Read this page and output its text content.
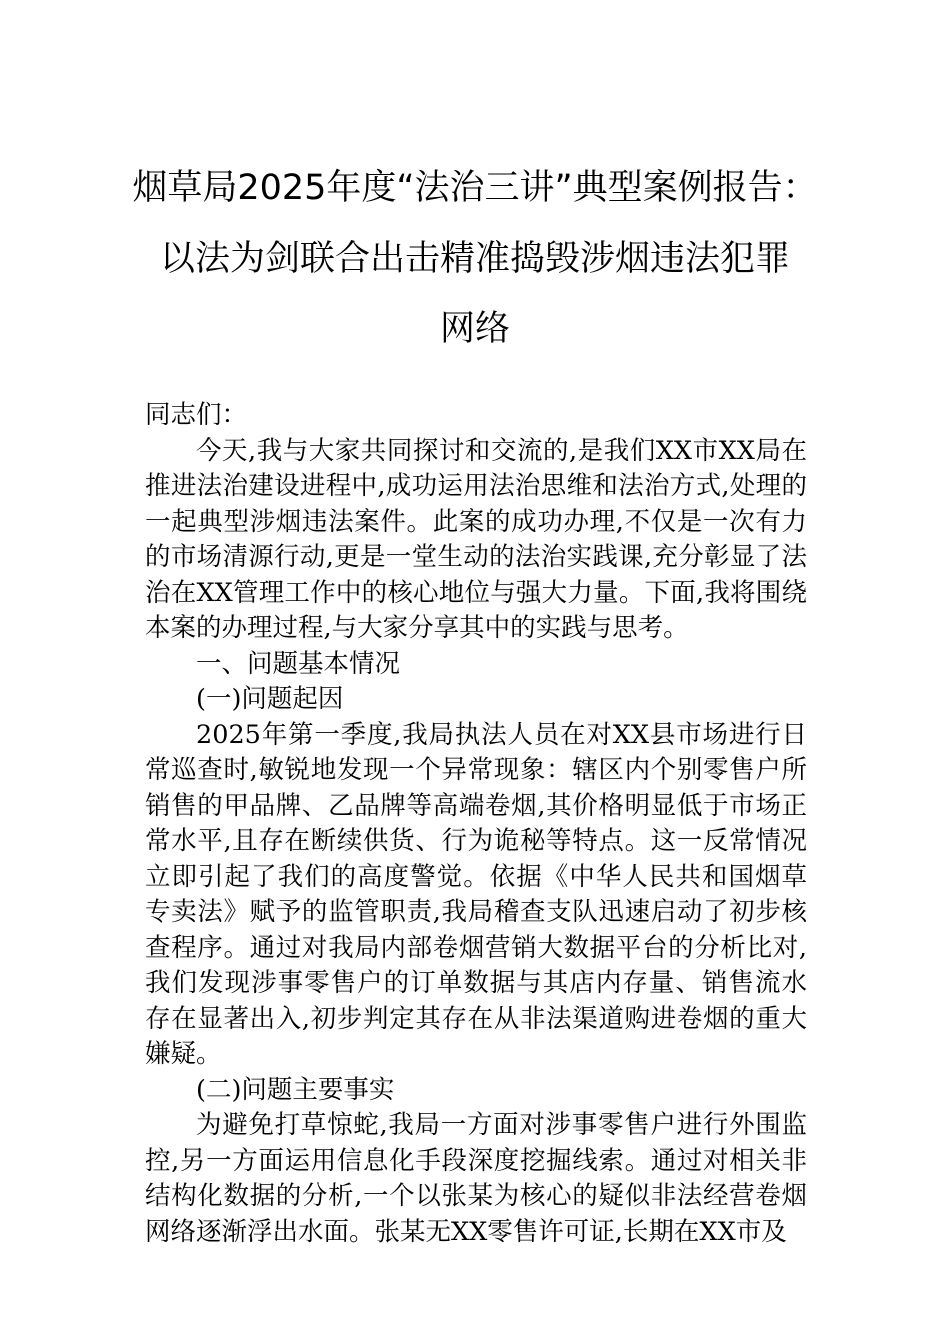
烟草局2025年度“法治三讲”典型案例报告：
以法为剑联合出击精准捣毁涉烟违法犯罪
网络

同志们：

今天,我与大家共同探讨和交流的,是我们XX市XX局在推进法治建设进程中,成功运用法治思维和法治方式,处理的一起典型涉烟违法案件。此案的成功办理,不仅是一次有力的市场清源行动,更是一堂生动的法治实践课,充分彰显了法治在XX管理工作中的核心地位与强大力量。下面,我将围绕本案的办理过程,与大家分享其中的实践与思考。

一、问题基本情况

(一)问题起因

2025年第一季度,我局执法人员在对XX县市场进行日常巡查时,敏锐地发现一个异常现象：辖区内个别零售户所销售的甲品牌、乙品牌等高端卷烟,其价格明显低于市场正常水平,且存在断续供货、行为诡秘等特点。这一反常情况立即引起了我们的高度警觉。依据《中华人民共和国烟草专卖法》赋予的监管职责,我局稽查支队迅速启动了初步核查程序。通过对我局内部卷烟营销大数据平台的分析比对,我们发现涉事零售户的订单数据与其店内存量、销售流水存在显著出入,初步判定其存在从非法渠道购进卷烟的重大嫌疑。

(二)问题主要事实

为避免打草惊蛇,我局一方面对涉事零售户进行外围监控,另一方面运用信息化手段深度挖掘线索。通过对相关非结构化数据的分析,一个以张某为核心的疑似非法经营卷烟网络逐渐浮出水面。张某无XX零售许可证,长期在XX市及
